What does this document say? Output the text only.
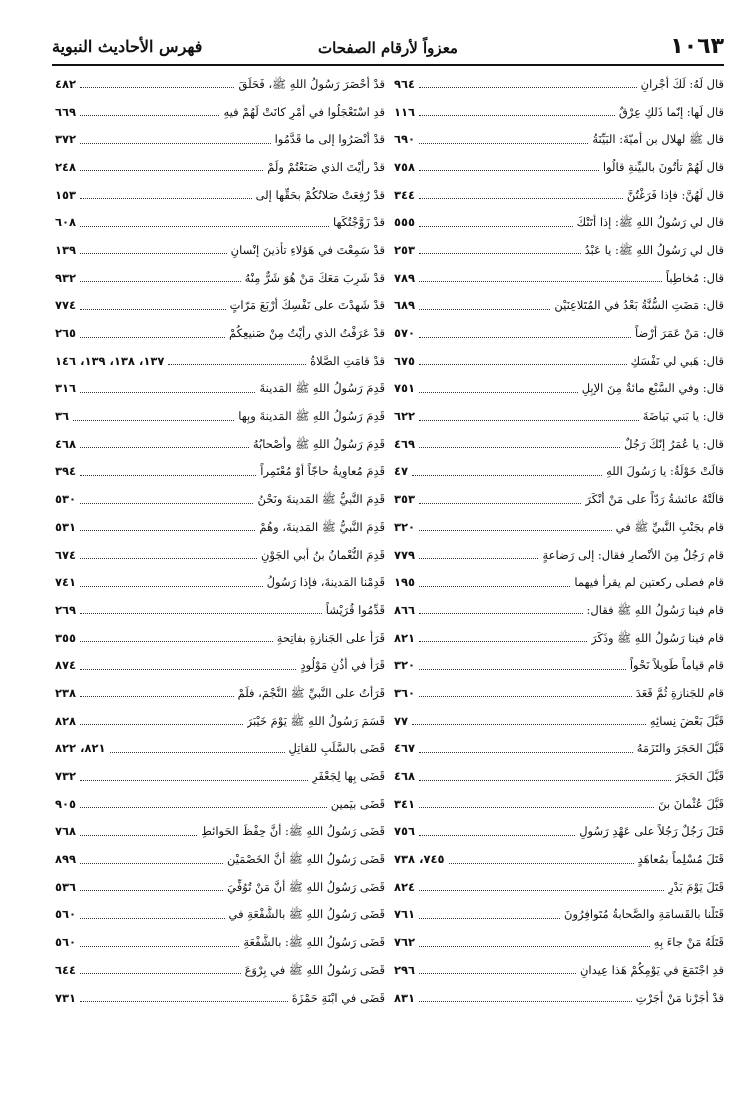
١٠٦٣
معزواً لأرقام الصفحات
فهرس الأحاديث النبوية
قال لَهُ: لَكَ أجْرانِ
٩٦٤
قال لَها: إنّما ذَلكِ عِرْقٌ
١١٦
قال ﷺ لهلال بن أميّةَ: البَيِّنَةُ
٦٩٠
قال لَهُمْ تأتُونَ بالبيِّنةِ قالُوا
٧٥٨
قال لَهُنَّ: فإذا فَرَغْتُنَّ
٣٤٤
قال لي رَسُولُ اللهِ ﷺ: إذا أتَتْكَ
٥٥٥
قال لي رَسُولُ اللهِ ﷺ: يا عَبْدُ
٢٥٣
قال: مُخاطِباً
٧٨٩
قال: مَضَتِ السُّنَّةُ بَعْدُ في المُتَلاعِنَيْنِ
٦٨٩
قال: مَنْ عَمَرَ أرْضاً
٥٧٠
قال: هَبي لي نَفْسَكِ
٦٧٥
قال: وفي السَّبْعِ مائةٌ مِنَ الإبِلِ
٧٥١
قال: يا بَني بَياضَةَ
٦٢٢
قال: يا عُمَرُ إنّكَ رَجُلٌ
٤٦٩
قالَتْ خَوْلَةُ: يا رَسُولَ اللهِ
٤٧
قالَتْهُ عائشةُ رَدّاً على مَنْ أنْكَرَ
٣٥٣
قام بجَنْبِ النَّبيِّ ﷺ في
٣٢٠
قام رَجُلٌ مِنَ الأنْصارِ فقال: إلى رَضاعةٍ
٧٧٩
قام فصلى ركعتين لم يقرأ فيهما
١٩٥
قام فينا رَسُولُ اللهِ ﷺ فقال:
٨٦٦
قام فينا رَسُولُ اللهِ ﷺ وذَكَرَ
٨٢١
قام قياماً طَويلاً نَحْواً
٣٢٠
قام للجَنازةِ ثُمَّ قَعَدَ
٣٦٠
قَبَّلَ بَعْضَ نِسائِهِ
٧٧
قَبَّلَ الحَجَرَ والتَزَمَهُ
٤٦٧
قَبَّلَ الحَجَرَ
٤٦٨
قَبَّلَ عُثْمانَ بنَ
٣٤١
قَتَلَ رَجُلٌ رَجُلاً على عَهْدِ رَسُولِ
٧٥٦
قَتَلَ مُسْلِماً بمُعاهَدٍ
٧٤٥، ٧٣٨
قَتَلَ يَوْمَ بَدْرٍ
٨٢٤
قَتَلْنا بالقَسامَةِ والصَّحابةُ مُتَوافِرُونَ
٧٦١
قَتَلَهُ مَنْ جاءَ بِهِ
٧٦٢
قدِ اجْتَمَعَ في يَوْمِكُمْ هَذا عِيدانِ
٢٩٦
قدْ أجَرْنا مَنْ أجَرْتِ
٨٣١
قدْ أحْصَرَ رَسُولُ اللهِ ﷺ، فَحَلَقَ
٤٨٢
قدِ اسْتَعْجَلُوا في أمْرٍ كانَتْ لَهُمْ فيهِ
٦٦٩
قدْ أنْصَرُوا إلى ما قَدَّمُوا
٣٧٢
قدْ رأيْتَ الذي صَنَعْتُمْ ولَمْ
٢٤٨
قدْ رُفِعَتْ صَلاتُكُمْ بحَقِّها إلى
١٥٣
قدْ زَوَّجْتُكَها
٦٠٨
قدْ سَمِعْتَ في هَؤلاءِ تأذينَ إنْسانٍ
١٣٩
قدْ شَرِبَ مَعَكَ مَنْ هُوَ شَرٌّ مِنْهُ
٩٣٢
قدْ شَهِدْتَ على نَفْسِكَ أرْبَعَ مَرّاتٍ
٧٧٤
قدْ عَرَفْتُ الذي رأيْتُ مِنْ صَنيعِكُمْ
٢٦٥
قدْ قامَتِ الصَّلاةُ
١٣٧، ١٣٨، ١٣٩، ١٤٦
قَدِمَ رَسُولُ اللهِ ﷺ المَدينةَ
٣١٦
قَدِمَ رَسُولُ اللهِ ﷺ المَدينةَ وبِها
٣٦
قَدِمَ رَسُولُ اللهِ ﷺ وأصْحابُهُ
٤٦٨
قَدِمَ مُعاوِيةُ حاجّاً أوْ مُعْتَمِراً
٣٩٤
قَدِمَ النَّبيُّ ﷺ المَدينةَ ونَحْنُ
٥٣٠
قَدِمَ النَّبيُّ ﷺ المَدينةَ، وهُمْ
٥٣١
قَدِمَ النُّعْمانُ بنُ أبي الجَوْنِ
٦٧٤
قَدِمْنا المَدينةَ، فإذا رَسُولُ
٧٤١
قَدِّمُوا قُرَيْشاً
٢٦٩
قَرَأَ على الجَنازةِ بفاتِحةِ
٣٥٥
قَرَأَ في أُذُنِ مَوْلُودٍ
٨٧٤
قَرَأْتُ على النَّبيِّ ﷺ النَّجْمَ، فلَمْ
٢٣٨
قَسَمَ رَسُولُ اللهِ ﷺ يَوْمَ خَيْبَرَ
٨٢٨
قَضَى بالسَّلَبِ للقاتِلِ
٨٢١، ٨٢٢
قَضَى بِها لِجَعْفَرٍ
٧٣٢
قَضَى بيَمينٍ
٩٠٥
قَضَى رَسُولُ اللهِ ﷺ: أنَّ حِفْظَ الحَوائطِ
٧٦٨
قَضَى رَسُولُ اللهِ ﷺ أنَّ الخَصْمَيْنِ
٨٩٩
قَضَى رَسُولُ اللهِ ﷺ أنَّ مَنْ تُوُفِّيَ
٥٣٦
قَضَى رَسُولُ اللهِ ﷺ بالشُّفْعَةِ في
٥٦٠
قَضَى رَسُولُ اللهِ ﷺ: بالشُّفْعَةِ
٥٦٠
قَضَى رَسُولُ اللهِ ﷺ في بِرْوَعَ
٦٤٤
قَضَى في ابْنَةِ حَمْزَةَ
٧٣١
